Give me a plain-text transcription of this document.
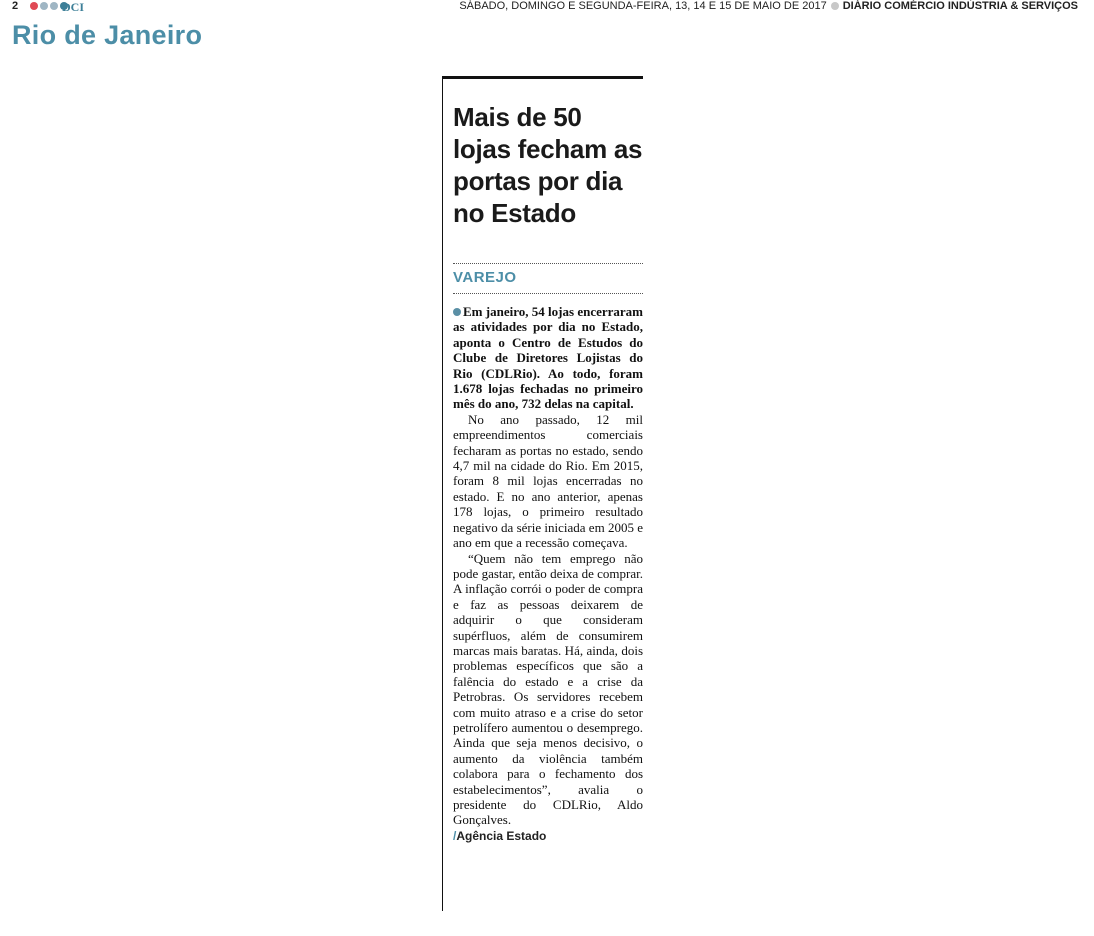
2	DCI	SÁBADO, DOMINGO E SEGUNDA-FEIRA, 13, 14 E 15 DE MAIO DE 2017 DIÁRIO COMÉRCIO INDÚSTRIA & SERVIÇOS
Rio de Janeiro
Mais de 50 lojas fecham as portas por dia no Estado
VAREJO

Em janeiro, 54 lojas encerraram as atividades por dia no Estado, aponta o Centro de Estudos do Clube de Diretores Lojistas do Rio (CDLRio). Ao todo, foram 1.678 lojas fechadas no primeiro mês do ano, 732 delas na capital.

No ano passado, 12 mil empreendimentos comerciais fecharam as portas no estado, sendo 4,7 mil na cidade do Rio. Em 2015, foram 8 mil lojas encerradas no estado. E no ano anterior, apenas 178 lojas, o primeiro resultado negativo da série iniciada em 2005 e ano em que a recessão começava.

“Quem não tem emprego não pode gastar, então deixa de comprar. A inflação corrói o poder de compra e faz as pessoas deixarem de adquirir o que consideram supérfluos, além de consumirem marcas mais baratas. Há, ainda, dois problemas específicos que são a falência do estado e a crise da Petrobras. Os servidores recebem com muito atraso e a crise do setor petrolífero aumentou o desemprego. Ainda que seja menos decisivo, o aumento da violência também colabora para o fechamento dos estabelecimentos”, avalia o presidente do CDLRio, Aldo Gonçalves.

/Agência Estado
